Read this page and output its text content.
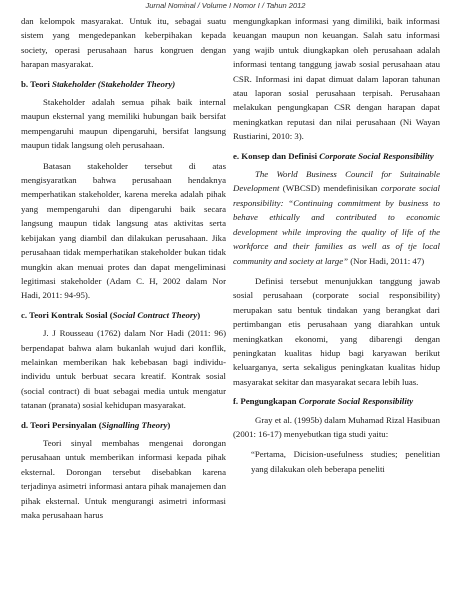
Jurnal Nominal / Volume I Nomor I / Tahun 2012

dan kelompok masyarakat. Untuk itu, sebagai suatu sistem yang mengedepankan keberpihakan kepada society, operasi perusahaan harus kongruen dengan harapan masyarakat.

b. Teori Stakeholder (Stakeholder Theory)

Stakeholder adalah semua pihak baik internal maupun eksternal yang memiliki hubungan baik bersifat mempengaruhi maupun dipengaruhi, bersifat langsung maupun tidak langsung oleh perusahaan.

Batasan stakeholder tersebut di atas mengisyaratkan bahwa perusahaan hendaknya memperhatikan stakeholder, karena mereka adalah pihak yang mempengaruhi dan dipengaruhi baik secara langsung maupun tidak langsung atas aktivitas serta kebijakan yang diambil dan dilakukan perusahaan. Jika perusahaan tidak memperhatikan stakeholder bukan tidak mungkin akan menuai protes dan dapat mengeliminasi legitimasi stakeholder (Adam C. H, 2002 dalam Nor Hadi, 2011: 94-95).

c. Teori Kontrak Sosial (Social Contract Theory)

J. J Rousseau (1762) dalam Nor Hadi (2011: 96) berpendapat bahwa alam bukanlah wujud dari konflik, melainkan memberikan hak kebebasan bagi individu-individu untuk berbuat secara kreatif. Kontrak sosial (social contract) di buat sebagai media untuk mengatur tatanan (pranata) sosial kehidupan masyarakat.

d. Teori Persinyalan (Signalling Theory)

Teori sinyal membahas mengenai dorongan perusahaan untuk memberikan informasi kepada pihak eksternal. Dorongan tersebut disebabkan karena terjadinya asimetri informasi antara pihak manajemen dan pihak eksternal. Untuk mengurangi asimetri informasi maka perusahaan harus

mengungkapkan informasi yang dimiliki, baik informasi keuangan maupun non keuangan. Salah satu informasi yang wajib untuk diungkapkan oleh perusahaan adalah informasi tentang tanggung jawab sosial perusahaan atau CSR. Informasi ini dapat dimuat dalam laporan tahunan atau laporan sosial perusahaan terpisah. Perusahaan melakukan pengungkapan CSR dengan harapan dapat meningkatkan reputasi dan nilai perusahaan (Ni Wayan Rustiarini, 2010: 3).

e. Konsep dan Definisi Corporate Social Responsibility

The World Business Council for Suitainable Development (WBCSD) mendefinisikan corporate social responsibility: “Continuing commitment by business to behave ethically and contributed to economic development while improving the quality of life of the workforce and their families as well as of tje local community and society at large” (Nor Hadi, 2011: 47)

Definisi tersebut menunjukkan tanggung jawab sosial perusahaan (corporate social responsibility) merupakan satu bentuk tindakan yang berangkat dari pertimbangan etis perusahaan yang diarahkan untuk meningkatkan ekonomi, yang dibarengi dengan peningkatan kualitas hidup bagi karyawan berikut keluarganya, serta sekaligus peningkatan kualitas hidup masyarakat sekitar dan masyarakat secara lebih luas.

f. Pengungkapan Corporate Social Responsibility

Gray et al. (1995b) dalam Muhamad Rizal Hasibuan (2001: 16-17) menyebutkan tiga studi yaitu:

“Pertama, Dicision-usefulness studies; penelitian yang dilakukan oleh beberapa peneliti
